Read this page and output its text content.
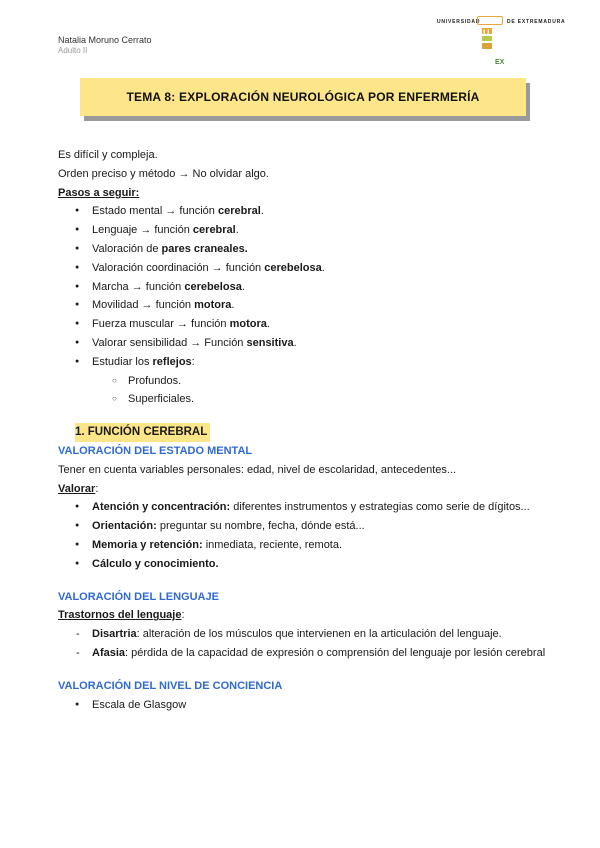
Natalia Moruno Cerrato
Adulto II
UNIVERSIDAD	DE EXTREMADURA
U
EX
TEMA 8: EXPLORACIÓN NEUROLÓGICA POR ENFERMERÍA
Es difícil y compleja.
Orden preciso y método → No olvidar algo.
Pasos a seguir:
● Estado mental → función cerebral.
● Lenguaje → función cerebral.
● Valoración de pares craneales.
● Valoración coordinación → función cerebelosa.
● Marcha → función cerebelosa.
● Movilidad → función motora.
● Fuerza muscular → función motora.
● Valorar sensibilidad → Función sensitiva.
● Estudiar los reflejos:
○ Profundos.
○ Superficiales.
1. FUNCIÓN CEREBRAL
VALORACIÓN DEL ESTADO MENTAL
Tener en cuenta variables personales: edad, nivel de escolaridad, antecedentes...
Valorar:
● Atención y concentración: diferentes instrumentos y estrategias como serie de dígitos...
● Orientación: preguntar su nombre, fecha, dónde está...
● Memoria y retención: inmediata, reciente, remota.
● Cálculo y conocimiento.
VALORACIÓN DEL LENGUAJE
Trastornos del lenguaje:
- Disartria: alteración de los músculos que intervienen en la articulación del lenguaje.
- Afasia: pérdida de la capacidad de expresión o comprensión del lenguaje por lesión cerebral
VALORACIÓN DEL NIVEL DE CONCIENCIA
● Escala de Glasgow
